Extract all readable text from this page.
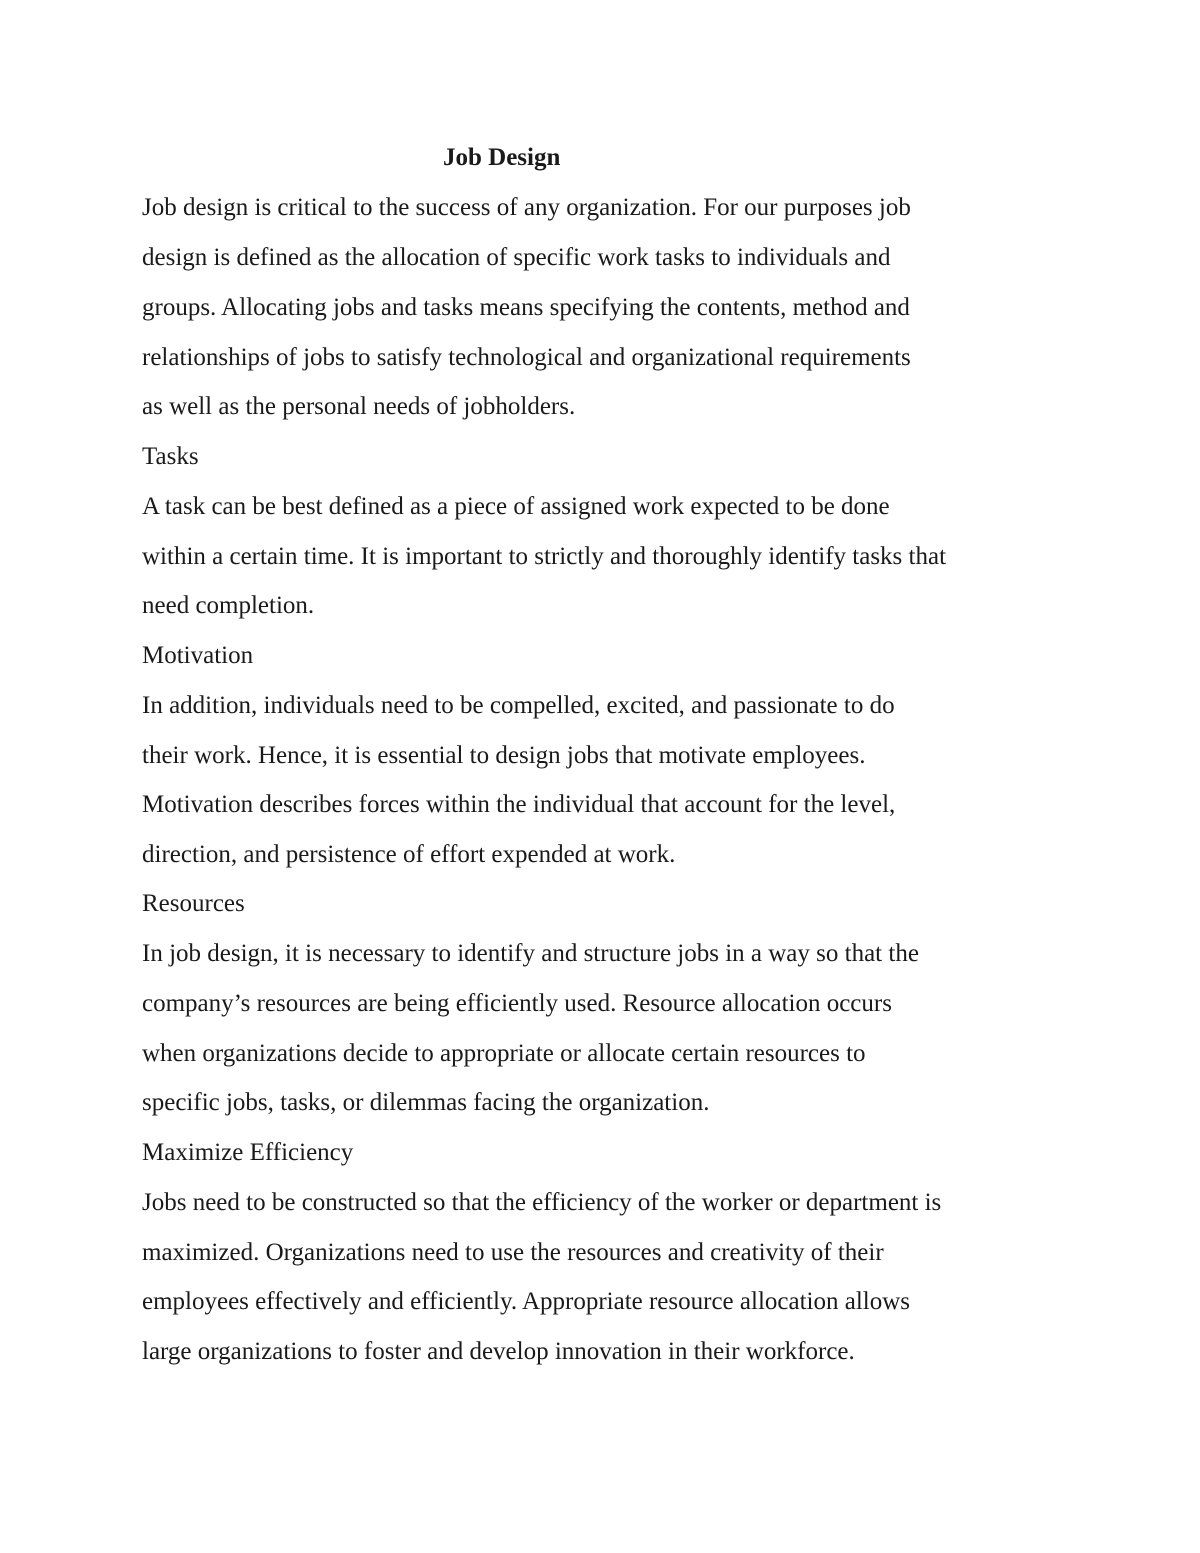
Job Design
Job design is critical to the success of any organization. For our purposes job
design is defined as the allocation of specific work tasks to individuals and
groups. Allocating jobs and tasks means specifying the contents, method and
relationships of jobs to satisfy technological and organizational requirements
as well as the personal needs of jobholders.
Tasks
A task can be best defined as a piece of assigned work expected to be done
within a certain time. It is important to strictly and thoroughly identify tasks that
need completion.
Motivation
In addition, individuals need to be compelled, excited, and passionate to do
their work. Hence, it is essential to design jobs that motivate employees.
Motivation describes forces within the individual that account for the level,
direction, and persistence of effort expended at work.
Resources
In job design, it is necessary to identify and structure jobs in a way so that the
company’s resources are being efficiently used. Resource allocation occurs
when organizations decide to appropriate or allocate certain resources to
specific jobs, tasks, or dilemmas facing the organization.
Maximize Efficiency
Jobs need to be constructed so that the efficiency of the worker or department is
maximized. Organizations need to use the resources and creativity of their
employees effectively and efficiently. Appropriate resource allocation allows
large organizations to foster and develop innovation in their workforce.
